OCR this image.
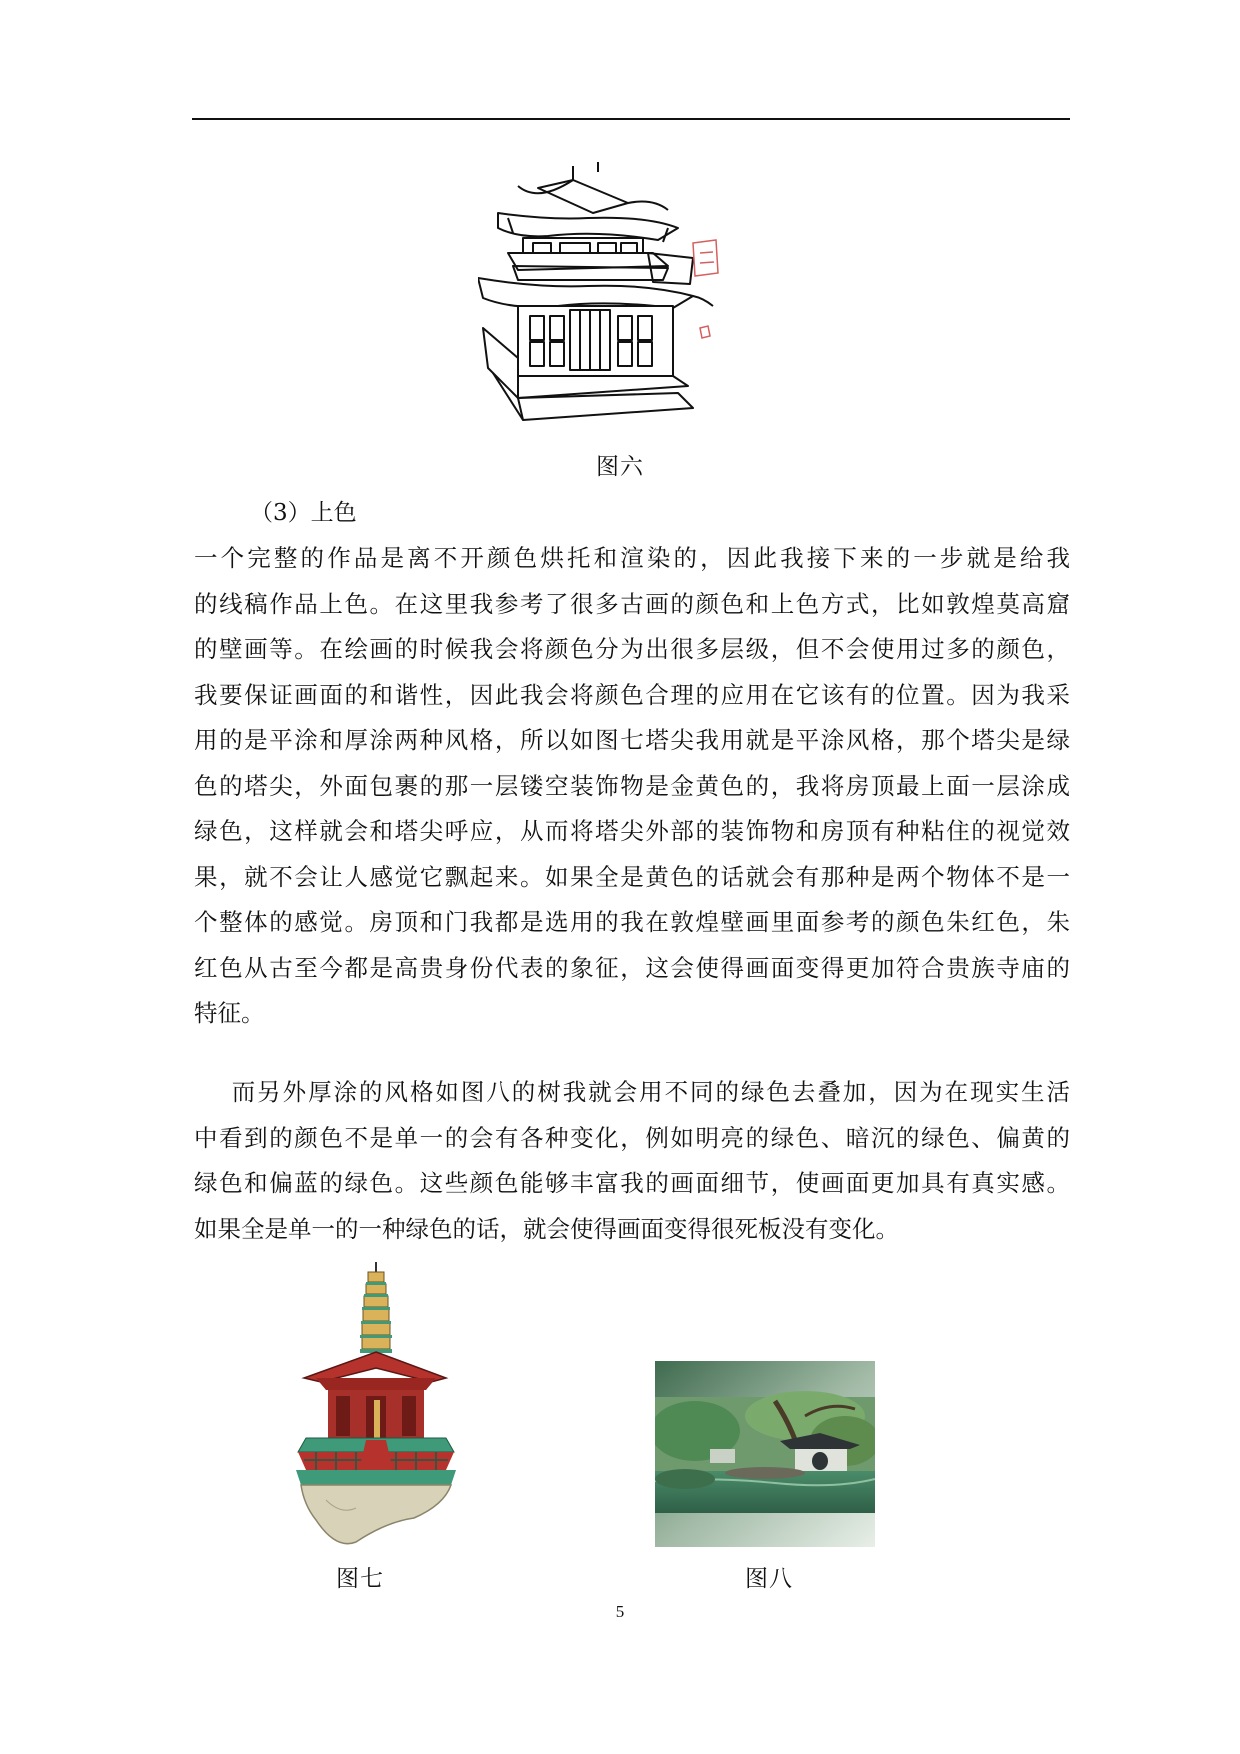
图六
（3）上色
一个完整的作品是离不开颜色烘托和渲染的，因此我接下来的一步就是给我
的线稿作品上色。在这里我参考了很多古画的颜色和上色方式，比如敦煌莫高窟
的壁画等。在绘画的时候我会将颜色分为出很多层级，但不会使用过多的颜色，
我要保证画面的和谐性，因此我会将颜色合理的应用在它该有的位置。因为我采
用的是平涂和厚涂两种风格，所以如图七塔尖我用就是平涂风格，那个塔尖是绿
色的塔尖，外面包裹的那一层镂空装饰物是金黄色的，我将房顶最上面一层涂成
绿色，这样就会和塔尖呼应，从而将塔尖外部的装饰物和房顶有种粘住的视觉效
果，就不会让人感觉它飘起来。如果全是黄色的话就会有那种是两个物体不是一
个整体的感觉。房顶和门我都是选用的我在敦煌壁画里面参考的颜色朱红色，朱
红色从古至今都是高贵身份代表的象征，这会使得画面变得更加符合贵族寺庙的
特征。
而另外厚涂的风格如图八的树我就会用不同的绿色去叠加，因为在现实生活
中看到的颜色不是单一的会有各种变化，例如明亮的绿色、暗沉的绿色、偏黄的
绿色和偏蓝的绿色。这些颜色能够丰富我的画面细节，使画面更加具有真实感。
如果全是单一的一种绿色的话，就会使得画面变得很死板没有变化。
图七	图八
5
